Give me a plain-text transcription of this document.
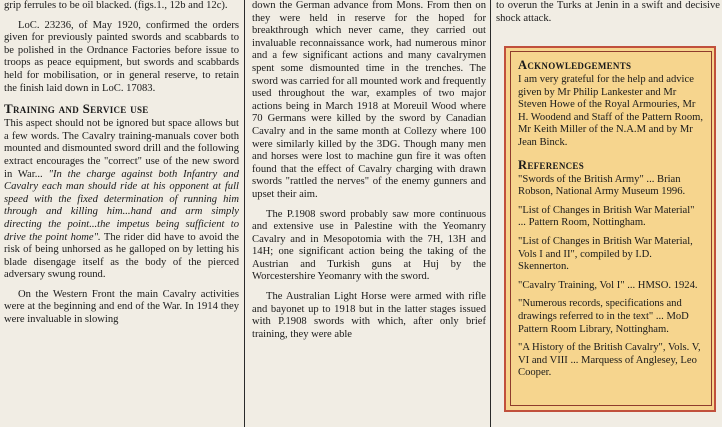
grip ferrules to be oil blacked. (figs.1., 12b and 12c).

LoC. 23236, of May 1920, confirmed the orders given for previously painted swords and scabbards to be polished in the Ordnance Factories before issue to troops as peace equipment, but swords and scabbards held for mobilisation, or in general reserve, to retain the finish laid down in LoC. 17083.

Training and Service use

This aspect should not be ignored but space allows but a few words. The Cavalry training-manuals cover both mounted and dismounted sword drill and the following extract encourages the "correct" use of the new sword in War... "In the charge against both Infantry and Cavalry each man should ride at his opponent at full speed with the fixed determination of running him through and killing him...hand and arm simply directing the point...the impetus being sufficient to drive the point home". The rider did have to avoid the risk of being unhorsed as he galloped on by letting his blade disengage itself as the body of the pierced adversary swung round.

On the Western Front the main Cavalry activities were at the beginning and end of the War. In 1914 they were invaluable in slowing

down the German advance from Mons. From then on they were held in reserve for the hoped for breakthrough which never came, they carried out invaluable reconnaissance work, had numerous minor and a few significant actions and many cavalrymen spent some dismounted time in the trenches. The sword was carried for all mounted work and frequently used throughout the war, examples of two major actions being in March 1918 at Moreuil Wood where 70 Germans were killed by the sword by Canadian Cavalry and in the same month at Collezy where 100 were similarly killed by the 3DG. Though many men and horses were lost to machine gun fire it was often found that the effect of Cavalry charging with drawn swords "rattled the nerves" of the enemy gunners and upset their aim.

The P.1908 sword probably saw more continuous and extensive use in Palestine with the Yeomanry Cavalry and in Mesopotomia with the 7H, 13H and 14H; one significant action being the taking of the Austrian and Turkish guns at Huj by the Worcestershire Yeomanry with the sword.

The Australian Light Horse were armed with rifle and bayonet up to 1918 but in the latter stages issued with P.1908 swords with which, after only brief training, they were able

to overun the Turks at Jenin in a swift and decisive shock attack.

Acknowledgements

I am very grateful for the help and advice given by Mr Philip Lankester and Mr Steven Howe of the Royal Armouries, Mr H. Woodend and Staff of the Pattern Room, Mr Keith Miller of the N.A.M and by Mr Jean Binck.

References

"Swords of the British Army" ... Brian Robson, National Army Museum 1996.

"List of Changes in British War Material" ... Pattern Room, Nottingham.

"List of Changes in British War Material, Vols I and II", compiled by I.D. Skennerton.

"Cavalry Training, Vol I" ... HMSO. 1924.

"Numerous records, specifications and drawings referred to in the text" ... MoD Pattern Room Library, Nottingham.

"A History of the British Cavalry", Vols. V, VI and VIII ... Marquess of Anglesey, Leo Cooper.
